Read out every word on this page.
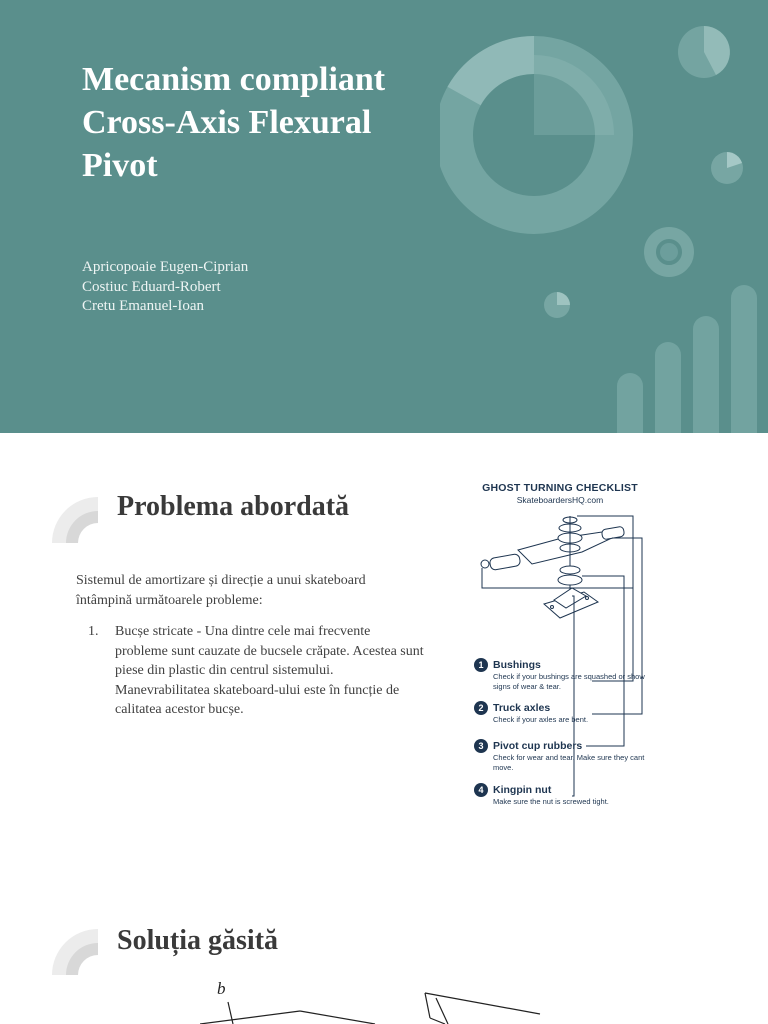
Mecanism compliant Cross-Axis Flexural Pivot
Apricopoaie Eugen-Ciprian
Costiuc Eduard-Robert
Cretu Emanuel-Ioan
Problema abordată
Sistemul de amortizare și direcție a unui skateboard întâmpină următoarele probleme:
1. Bucșe stricate - Una dintre cele mai frecvente probleme sunt cauzate de bucsele crăpate. Acestea sunt piese din plastic din centrul sistemului. Manevrabilitatea skateboard-ului este în funcție de calitatea acestor bucșe.
GHOST TURNING CHECKLIST
SkateboardersHQ.com
1 Bushings
Check if your bushings are squashed or show signs of wear & tear.
2 Truck axles
Check if your axles are bent.
3 Pivot cup rubbers
Check for wear and tear. Make sure they cant move.
4 Kingpin nut
Make sure the nut is screwed tight.
Soluția găsită
b
